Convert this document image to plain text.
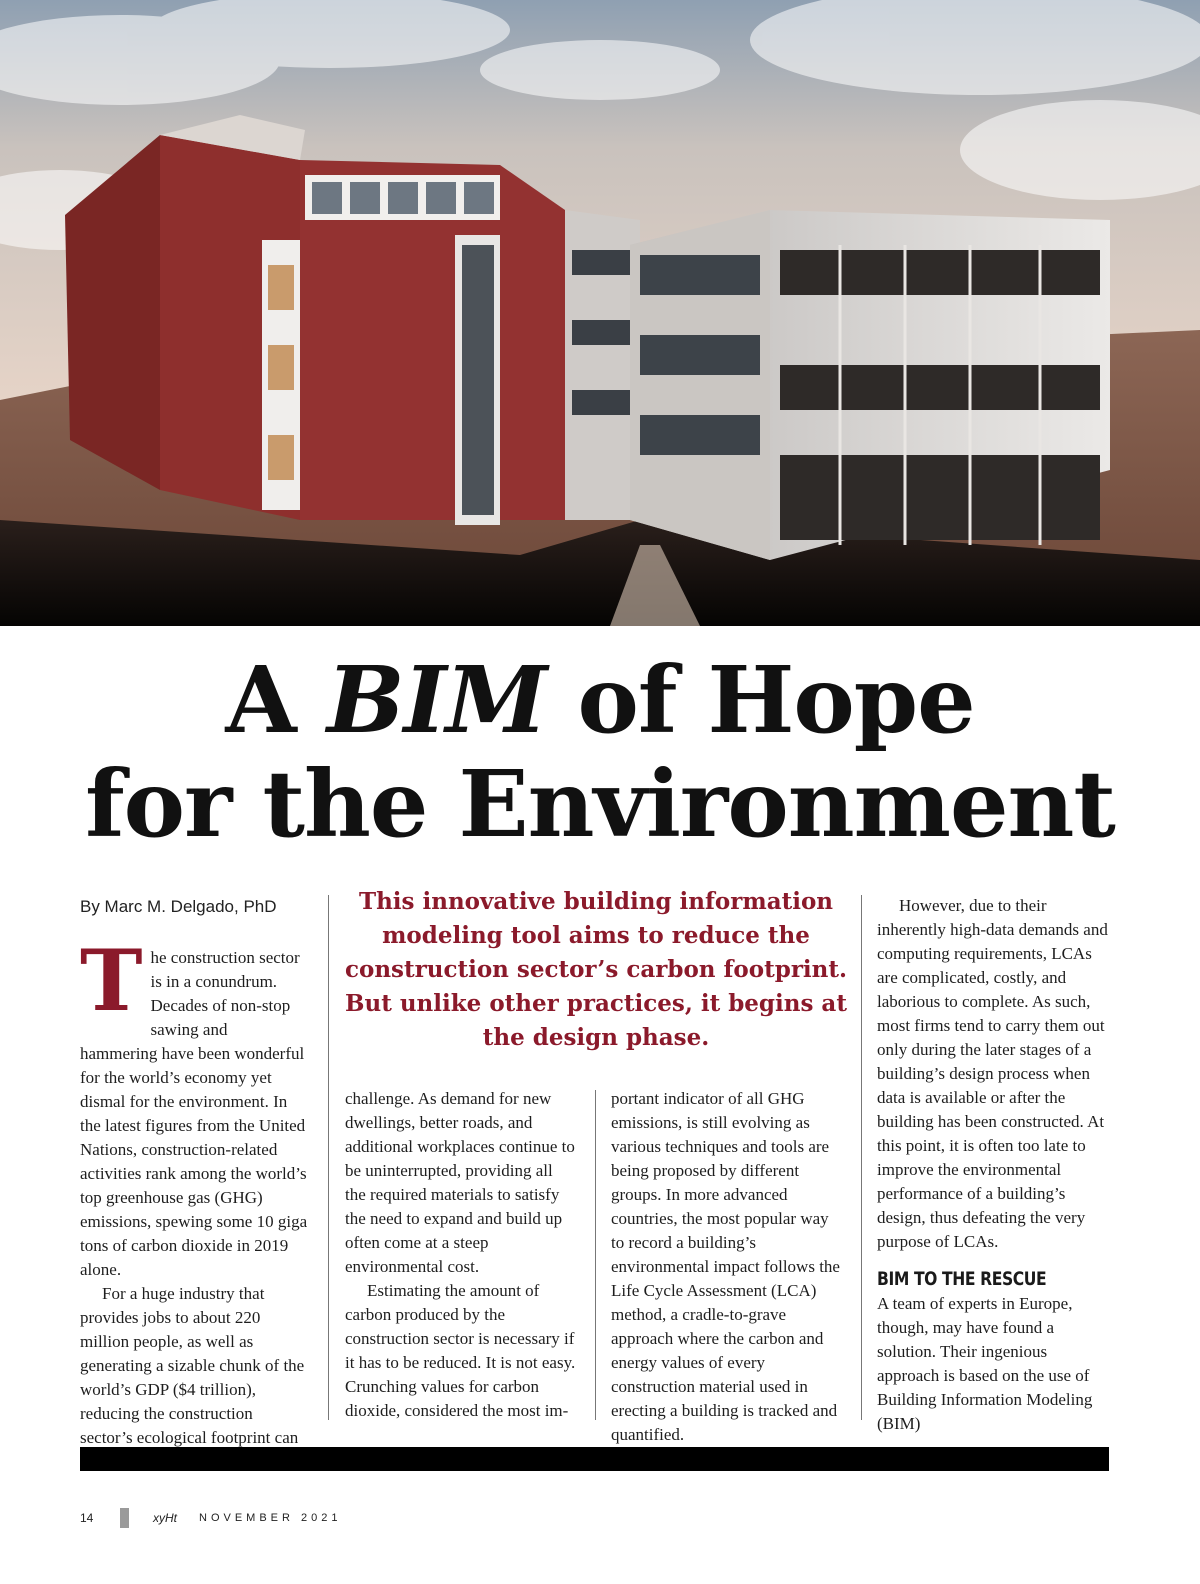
A BIM of Hope
for the Environment
By Marc M. Delgado, PhD

The construction sector is in a conundrum. Decades of non-stop sawing and hammering have been wonderful for the world’s economy yet dismal for the environment. In the latest figures from the United Nations, construction-related activities rank among the world’s top greenhouse gas (GHG) emissions, spewing some 10 giga tons of carbon dioxide in 2019 alone.

For a huge industry that provides jobs to about 220 million people, as well as generating a sizable chunk of the world’s GDP ($4 trillion), reducing the construction sector’s ecological footprint can

This innovative building information modeling tool aims to reduce the construction sector’s carbon footprint. But unlike other practices, it begins at the design phase.

challenge. As demand for new dwellings, better roads, and additional workplaces continue to be uninterrupted, providing all the required materials to satisfy the need to expand and build up often come at a steep environmental cost.

Estimating the amount of carbon produced by the construction sector is necessary if it has to be reduced. It is not easy. Crunching values for carbon dioxide, considered the most im-

portant indicator of all GHG emissions, is still evolving as various techniques and tools are being proposed by different groups. In more advanced countries, the most popular way to record a building’s environmental impact follows the Life Cycle Assessment (LCA) method, a cradle-to-grave approach where the carbon and energy values of every construction material used in erecting a building is tracked and quantified.

However, due to their inherently high-data demands and computing requirements, LCAs are complicated, costly, and laborious to complete. As such, most firms tend to carry them out only during the later stages of a building’s design process when data is available or after the building has been constructed. At this point, it is often too late to improve the environmental performance of a building’s design, thus defeating the very purpose of LCAs.

BIM TO THE RESCUE

A team of experts in Europe, though, may have found a solution. Their ingenious approach is based on the use of Building Information Modeling (BIM)

14	xyHt NOVEMBER 2021
